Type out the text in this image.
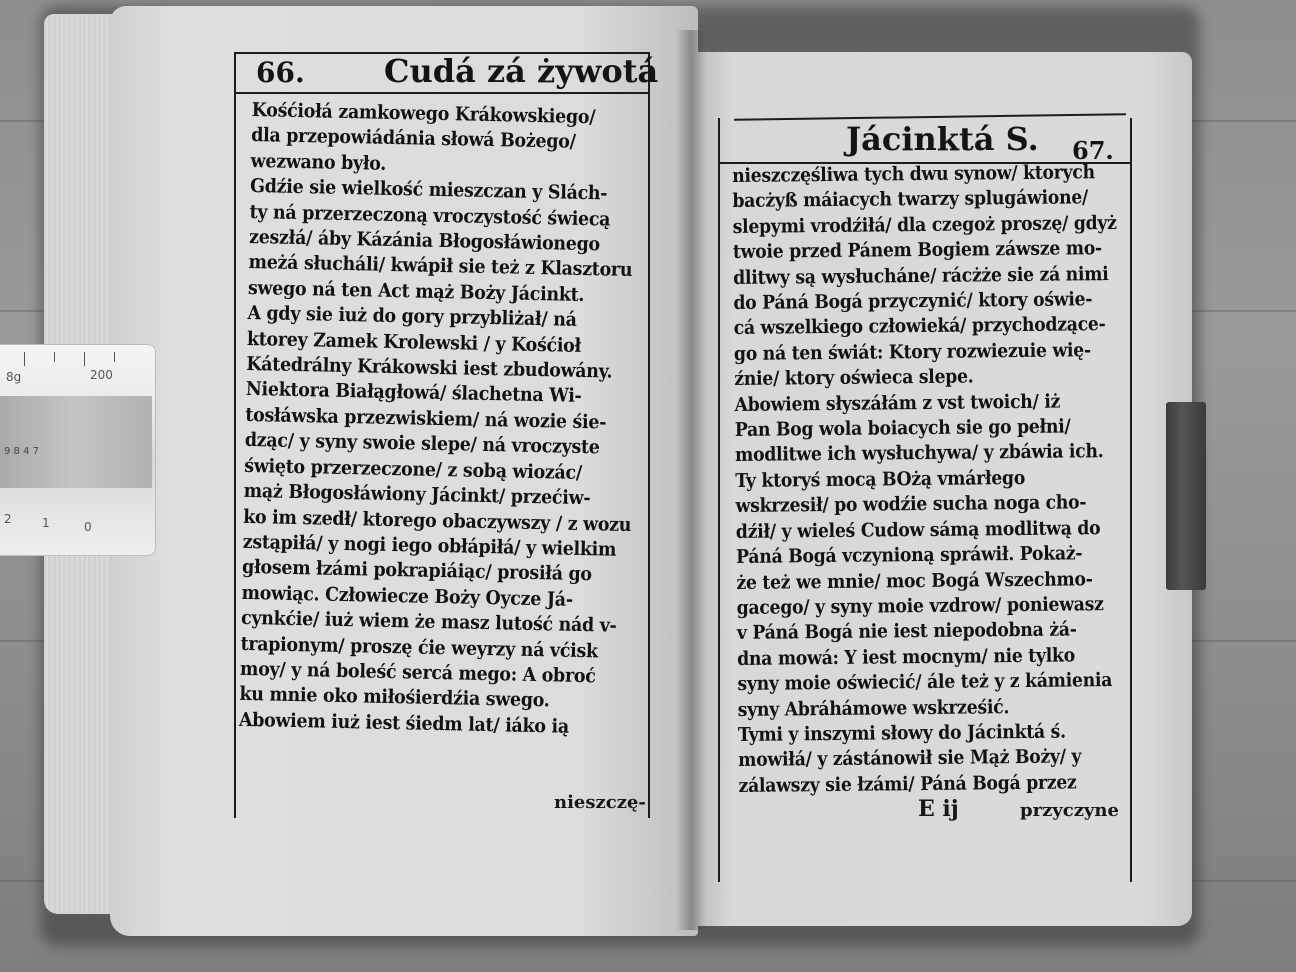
66. Cudá zá żywotá
Kośćiołá zamkowego Krákowskiego/
dla przepowiádánia słowá Bożego/
wezwano było.
Gdźie sie wielkość mieszczan y Slách-
ty ná przerzeczoną vroczystość świecą
zeszłá/ áby Kázánia Błogosłáwionego
meżá słucháli/ kwápił sie też z Klasztoru
swego ná ten Act mąż Boży Jácinkt.
A gdy sie iuż do gory przybliżał/ ná
ktorey Zamek Krolewski / y Kośćioł
Kátedrálny Krákowski iest zbudowány.
Niektora Białągłowá/ ślachetna Wi-
tosłáwska przezwiskiem/ ná wozie śie-
dząc/ y syny swoie slepe/ ná vroczyste
święto przerzeczone/ z sobą wiozác/
mąż Błogosłáwiony Jácinkt/ przećiw-
ko im szedł/ ktorego obaczywszy / z wozu
zstąpiłá/ y nogi iego obłápiłá/ y wielkim
głosem łzámi pokrapiáiąc/ prosiłá go
mowiąc. Człowiecze Boży Oycze Já-
cynkćie/ iuż wiem że masz lutość nád v-
trapionym/ proszę ćie weyrzy ná vćisk
moy/ y ná boleść sercá mego: A obroć
ku mnie oko miłośierdźia swego.
Abowiem iuż iest śiedm lat/ iáko ią
nieszczę-
Jácinktá S. 67.
nieszczęśliwa tych dwu synow/ ktorych
bacżyß máiacych twarzy splugáwione/
slepymi vrodźiłá/ dla czegoż proszę/ gdyż
twoie przed Pánem Bogiem záwsze mo-
dlitwy są wysłucháne/ rácżże sie zá nimi
do Páná Bogá przyczynić/ ktory oświe-
cá wszelkiego człowieká/ przychodzące-
go ná ten świát: Ktory rozwiezuie wię-
źnie/ ktory oświeca slepe.
Abowiem słyszáłám z vst twoich/ iż
Pan Bog wola boiacych sie go pełni/
modlitwe ich wysłuchywa/ y zbáwia ich.
Ty ktoryś mocą BOżą vmárłego
wskrzesił/ po wodźie sucha noga cho-
dźił/ y wieleś Cudow sámą modlitwą do
Páná Bogá vczynioną spráwił. Pokaż-
że też we mnie/ moc Bogá Wszechmo-
gacego/ y syny moie vzdrow/ poniewasz
v Páná Bogá nie iest niepodobna żá-
dna mowá: Y iest mocnym/ nie tylko
syny moie oświecić/ ále też y z kámienia
syny Abráhámowe wskrześić.
Tymi y inszymi słowy do Jácinktá ś.
mowiłá/ y zástánowił sie Mąż Boży/ y
zálawszy sie łzámi/ Páná Bogá przez
E ij	przyczyne
8g	200
9 8 4 7
2	1	0
